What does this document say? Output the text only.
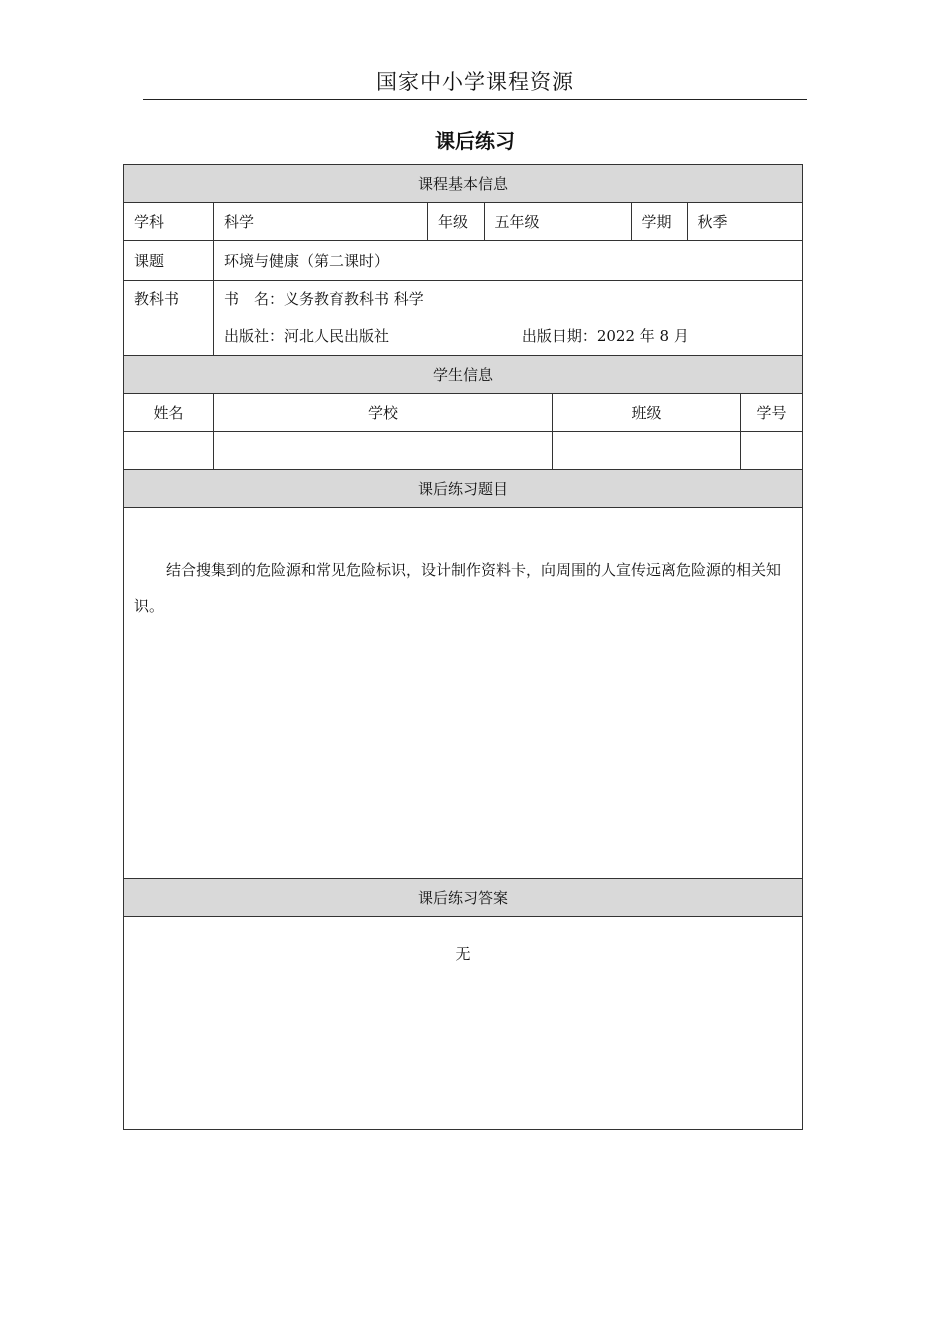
国家中小学课程资源
课后练习
课程基本信息
学科	科学		年级	五年级	学期	秋季

课题	环境与健康（第二课时）
教科书	书　名：义务教育教科书 科学
出版社：河北人民出版社	出版日期：2022 年 8 月

学生信息
姓名	学校	班级	学号

课后练习题目

结合搜集到的危险源和常见危险标识，设计制作资料卡，向周围的人宣传远离危险源的相关知识。

课后练习答案

无
